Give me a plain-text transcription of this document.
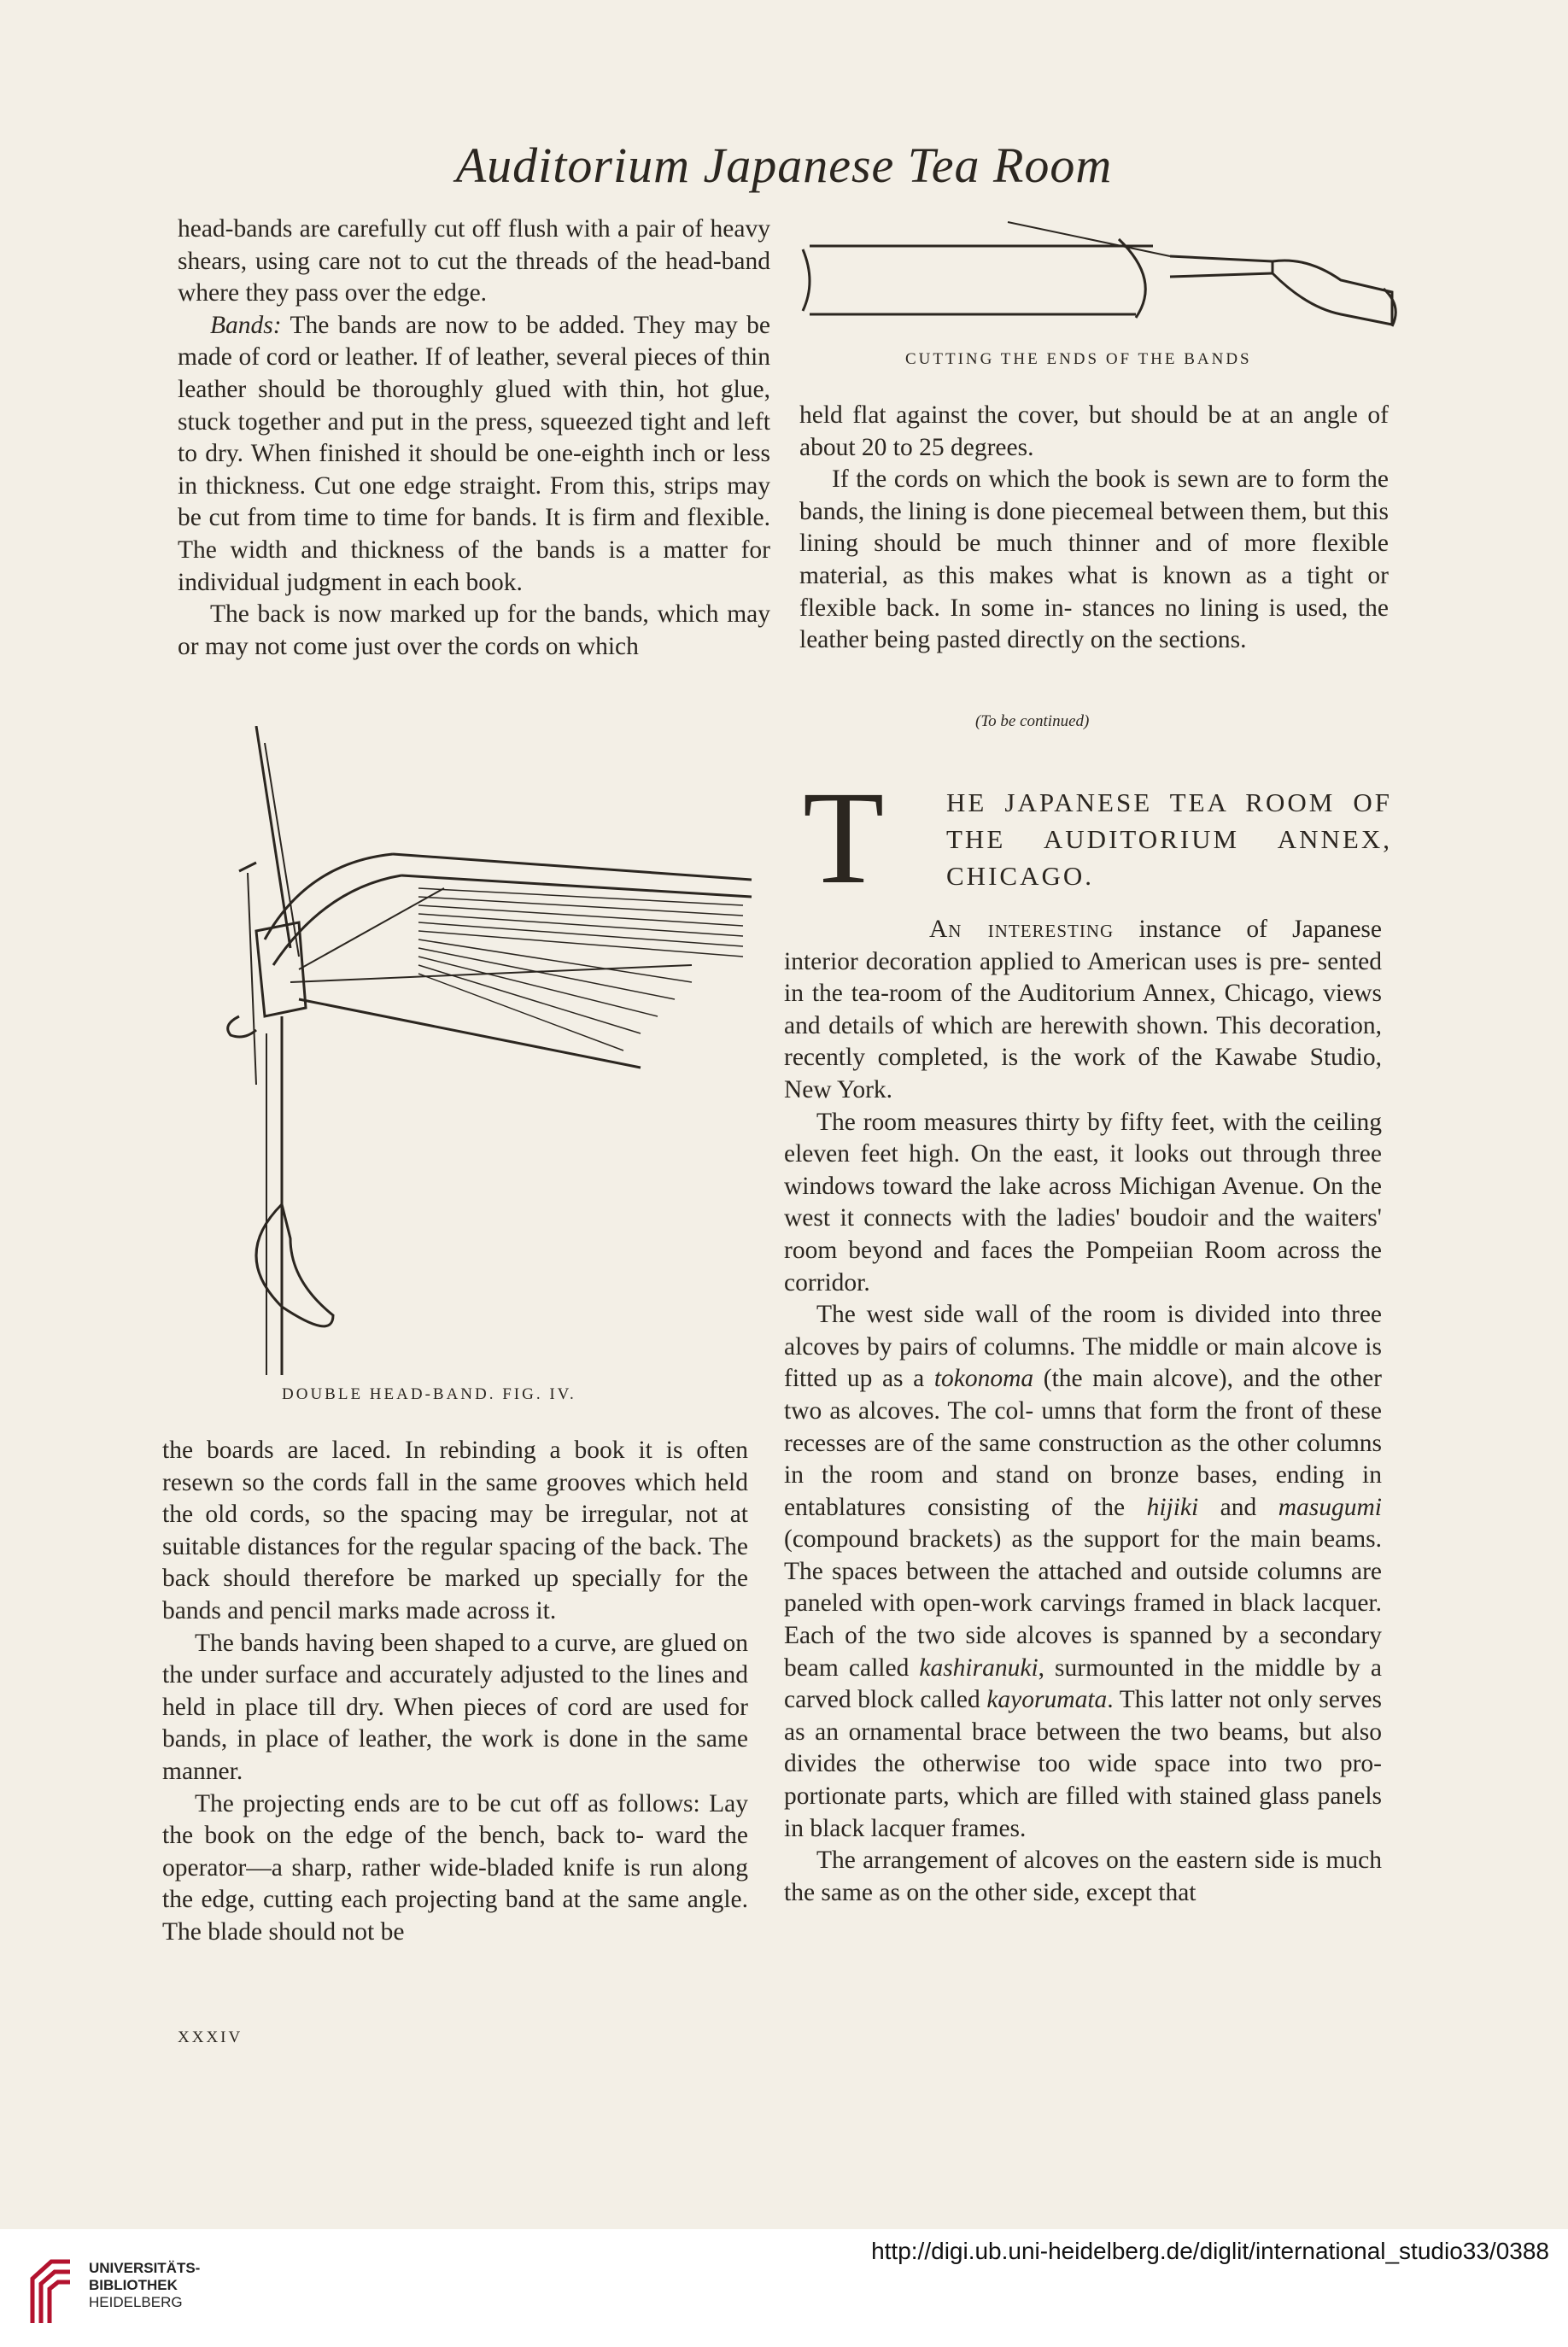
Auditorium Japanese Tea Room

head-bands are carefully cut off flush with a pair of heavy shears, using care not to cut the threads of the head-band where they pass over the edge.

Bands: The bands are now to be added. They may be made of cord or leather. If of leather, several pieces of thin leather should be thoroughly glued with thin, hot glue, stuck together and put in the press, squeezed tight and left to dry. When finished it should be one-eighth inch or less in thickness. Cut one edge straight. From this, strips may be cut from time to time for bands. It is firm and flexible. The width and thickness of the bands is a matter for individual judgment in each book.

The back is now marked up for the bands, which may or may not come just over the cords on which

CUTTING THE ENDS OF THE BANDS

held flat against the cover, but should be at an angle of about 20 to 25 degrees.

If the cords on which the book is sewn are to form the bands, the lining is done piecemeal between them, but this lining should be much thinner and of more flexible material, as this makes what is known as a tight or flexible back. In some in- stances no lining is used, the leather being pasted directly on the sections.

(To be continued)
DOUBLE HEAD-BAND. FIG. IV.
T HE JAPANESE TEA ROOM OF THE AUDITORIUM ANNEX, CHICAGO.

An interesting instance of Japanese interior decoration applied to American uses is pre- sented in the tea-room of the Auditorium Annex, Chicago, views and details of which are herewith shown. This decoration, recently completed, is the work of the Kawabe Studio, New York.

The room measures thirty by fifty feet, with the ceiling eleven feet high. On the east, it looks out through three windows toward the lake across Michigan Avenue. On the west it connects with the ladies' boudoir and the waiters' room beyond and faces the Pompeiian Room across the corridor.

The west side wall of the room is divided into three alcoves by pairs of columns. The middle or main alcove is fitted up as a tokonoma (the main alcove), and the other two as alcoves. The col- umns that form the front of these recesses are of the same construction as the other columns in the room and stand on bronze bases, ending in entablatures consisting of the hijiki and masugumi (compound brackets) as the support for the main beams. The spaces between the attached and outside columns are paneled with open-work carvings framed in black lacquer. Each of the two side alcoves is spanned by a secondary beam called kashiranuki, surmounted in the middle by a carved block called kayorumata. This latter not only serves as an ornamental brace between the two beams, but also divides the otherwise too wide space into two pro- portionate parts, which are filled with stained glass panels in black lacquer frames.

The arrangement of alcoves on the eastern side is much the same as on the other side, except that

the boards are laced. In rebinding a book it is often resewn so the cords fall in the same grooves which held the old cords, so the spacing may be irregular, not at suitable distances for the regular spacing of the back. The back should therefore be marked up specially for the bands and pencil marks made across it.

The bands having been shaped to a curve, are glued on the under surface and accurately adjusted to the lines and held in place till dry. When pieces of cord are used for bands, in place of leather, the work is done in the same manner.

The projecting ends are to be cut off as follows: Lay the book on the edge of the bench, back to- ward the operator—a sharp, rather wide-bladed knife is run along the edge, cutting each projecting band at the same angle. The blade should not be

XXXIV
UNIVERSITÄTS-
BIBLIOTHEK
HEIDELBERG
http://digi.ub.uni-heidelberg.de/diglit/international_studio33/0388
